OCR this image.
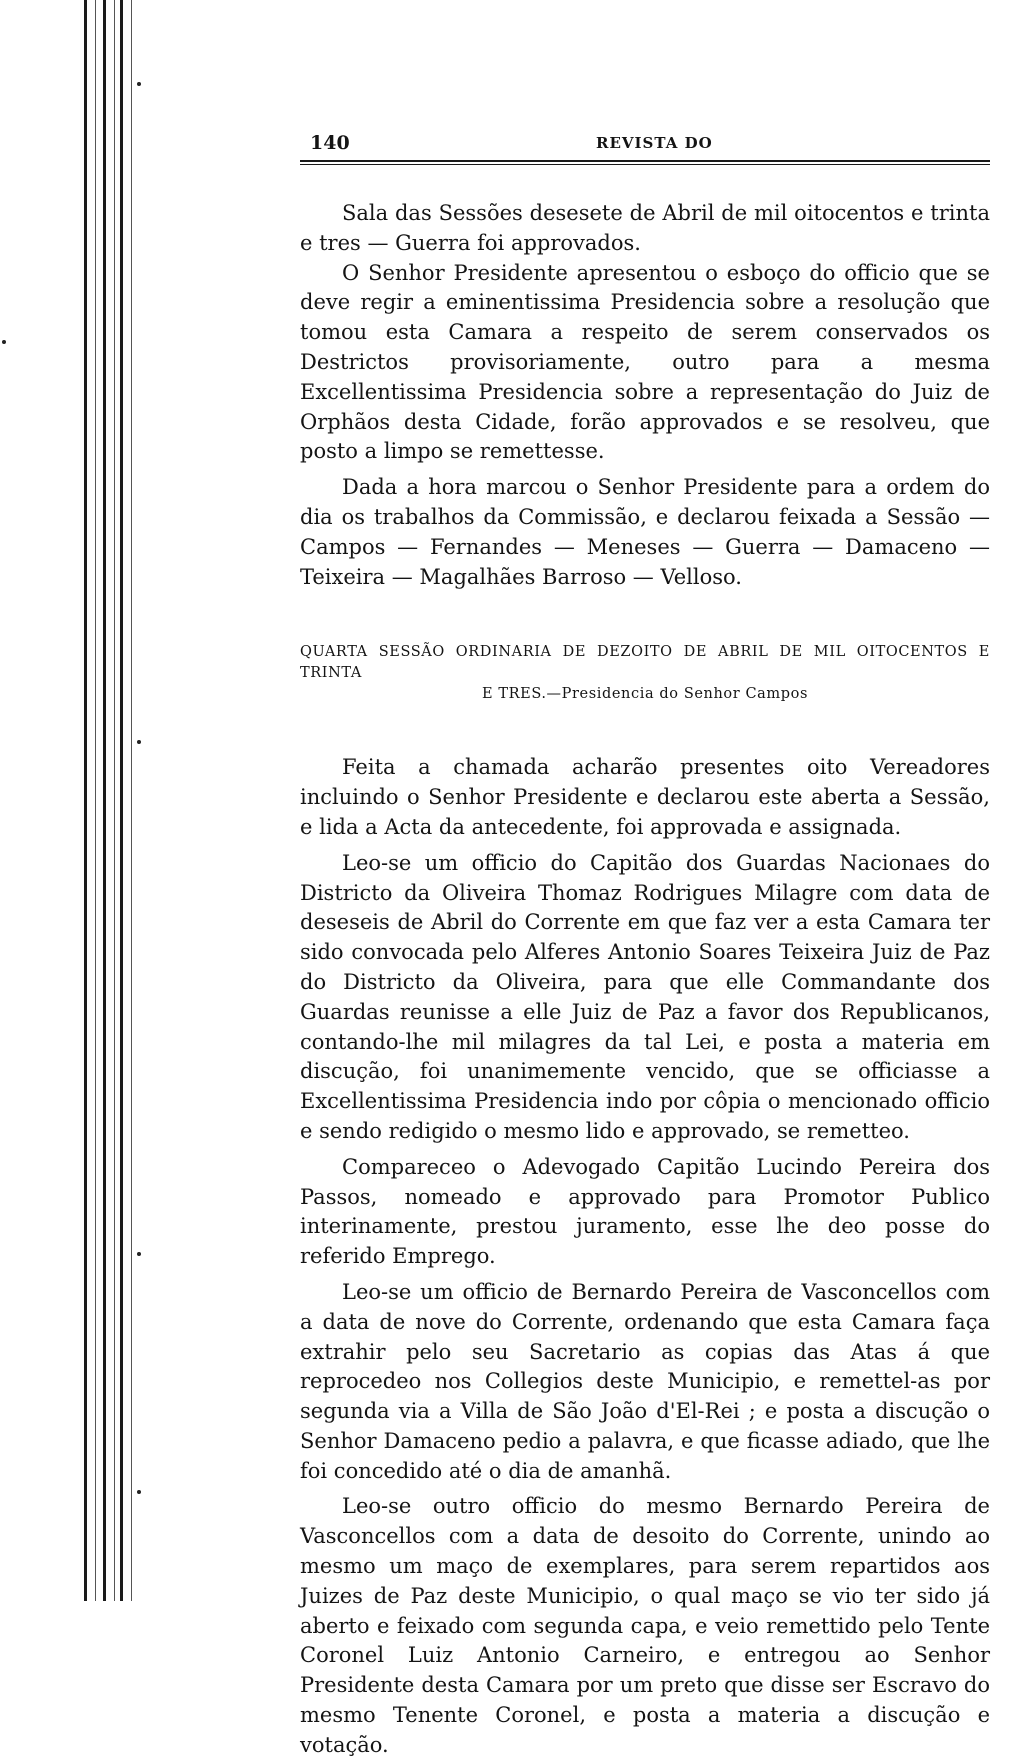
140	REVISTA DO

Sala das Sessões desesete de Abril de mil oitocentos e trinta e tres — Guerra foi approvados.

O Senhor Presidente apresentou o esboço do officio que se deve regir a eminentissima Presidencia sobre a resolução que tomou esta Camara a respeito de serem conservados os Destrictos provisoriamente, outro para a mesma Excellentissima Presidencia sobre a representação do Juiz de Orphãos desta Cidade, forão approvados e se resolveu, que posto a limpo se remettesse.

Dada a hora marcou o Senhor Presidente para a ordem do dia os trabalhos da Commissão, e declarou feixada a Sessão — Campos — Fernandes — Meneses — Guerra — Damaceno — Teixeira — Magalhães Barroso — Velloso.

QUARTA SESSÃO ORDINARIA DE DEZOITO DE ABRIL DE MIL OITOCENTOS E TRINTA
E TRES.—Presidencia do Senhor Campos

Feita a chamada acharão presentes oito Vereadores incluindo o Senhor Presidente e declarou este aberta a Sessão, e lida a Acta da antecedente, foi approvada e assignada.

Leo-se um officio do Capitão dos Guardas Nacionaes do Districto da Oliveira Thomaz Rodrigues Milagre com data de deseseis de Abril do Corrente em que faz ver a esta Camara ter sido convocada pelo Alferes Antonio Soares Teixeira Juiz de Paz do Districto da Oliveira, para que elle Commandante dos Guardas reunisse a elle Juiz de Paz a favor dos Republicanos, contando-lhe mil milagres da tal Lei, e posta a materia em discução, foi unanimemente vencido, que se officiasse a Excellentissima Presidencia indo por côpia o mencionado officio e sendo redigido o mesmo lido e approvado, se remetteo.

Compareceo o Adevogado Capitão Lucindo Pereira dos Passos, nomeado e approvado para Promotor Publico interinamente, prestou juramento, esse lhe deo posse do referido Emprego.

Leo-se um officio de Bernardo Pereira de Vasconcellos com a data de nove do Corrente, ordenando que esta Camara faça extrahir pelo seu Sacretario as copias das Atas á que reprocedeo nos Collegios deste Municipio, e remettel-as por segunda via a Villa de São João d'El-Rei ; e posta a discução o Senhor Damaceno pedio a palavra, e que ficasse adiado, que lhe foi concedido até o dia de amanhã.

Leo-se outro officio do mesmo Bernardo Pereira de Vasconcellos com a data de desoito do Corrente, unindo ao mesmo um maço de exemplares, para serem repartidos aos Juizes de Paz deste Municipio, o qual maço se vio ter sido já aberto e feixado com segunda capa, e veio remettido pelo Tente Coronel Luiz Antonio Carneiro, e entregou ao Senhor Presidente desta Camara por um preto que disse ser Escravo do mesmo Tenente Coronel, e posta a materia a discução e votação.
